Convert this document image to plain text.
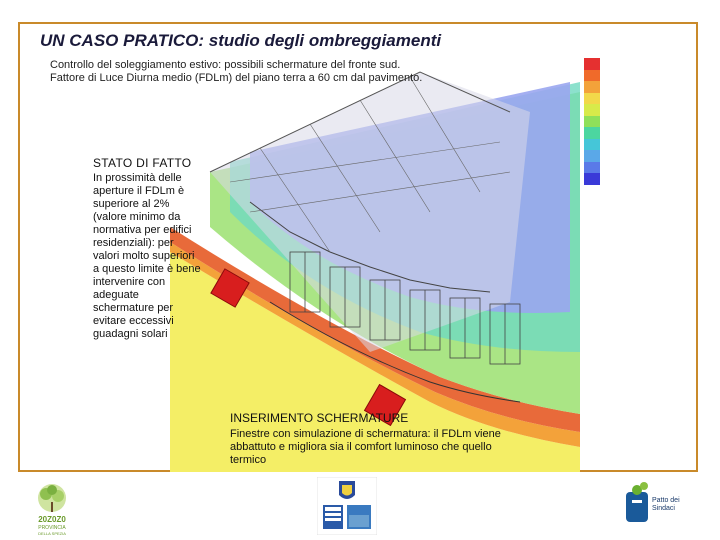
UN CASO PRATICO: studio degli ombreggiamenti
Controllo del soleggiamento estivo: possibili schermature del fronte sud.
Fattore di Luce Diurna medio (FDLm) del piano terra a 60 cm dal pavimento.
STATO DI FATTO
In prossimità delle aperture il FDLm è superiore al 2% (valore minimo da normativa per edifici residenziali): per valori molto superiori a questo limite è bene intervenire con adeguate schermature per evitare eccessivi guadagni solari
INSERIMENTO SCHERMATURE
Finestre con simulazione di schermatura: il FDLm viene abbattuto e migliora sia il comfort luminoso che quello termico
20Z0Z0
PROVINCIA
DELLA SPEZIA
Patto dei
Sindaci
